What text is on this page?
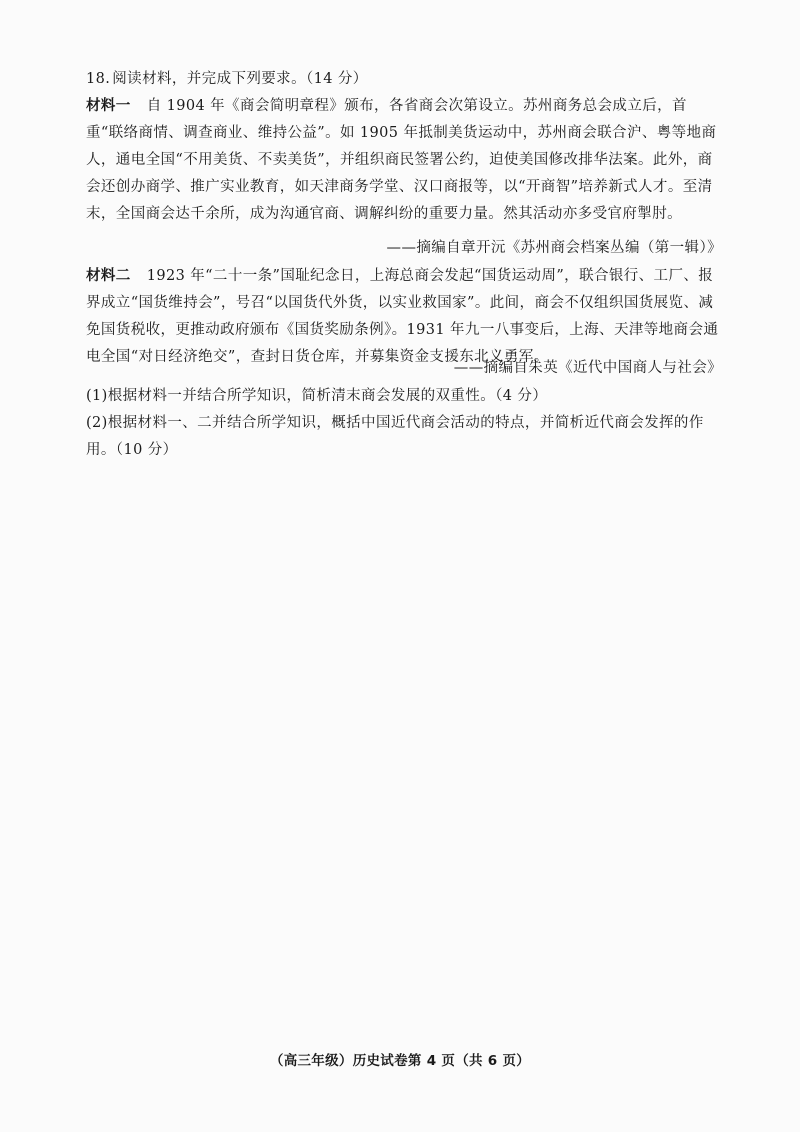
18. 阅读材料，并完成下列要求。（14 分）
材料一 自 1904 年《商会简明章程》颁布，各省商会次第设立。苏州商务总会成立后，首重“联络商情、调查商业、维持公益”。如 1905 年抵制美货运动中，苏州商会联合沪、粤等地商人，通电全国“不用美货、不卖美货”，并组织商民签署公约，迫使美国修改排华法案。此外，商会还创办商学、推广实业教育，如天津商务学堂、汉口商报等，以“开商智”培养新式人才。至清末，全国商会达千余所，成为沟通官商、调解纠纷的重要力量。然其活动亦多受官府掣肘。
——摘编自章开沅《苏州商会档案丛编（第一辑）》
材料二 1923 年“二十一条”国耻纪念日，上海总商会发起“国货运动周”，联合银行、工厂、报界成立“国货维持会”，号召“以国货代外货，以实业救国家”。此间，商会不仅组织国货展览、减免国货税收，更推动政府颁布《国货奖励条例》。1931 年九一八事变后，上海、天津等地商会通电全国“对日经济绝交”，查封日货仓库，并募集资金支援东北义勇军。
——摘编自朱英《近代中国商人与社会》
(1)根据材料一并结合所学知识，简析清末商会发展的双重性。（4 分）
(2)根据材料一、二并结合所学知识，概括中国近代商会活动的特点，并简析近代商会发挥的作用。（10 分）
（高三年级）历史试卷第 4 页（共 6 页）
